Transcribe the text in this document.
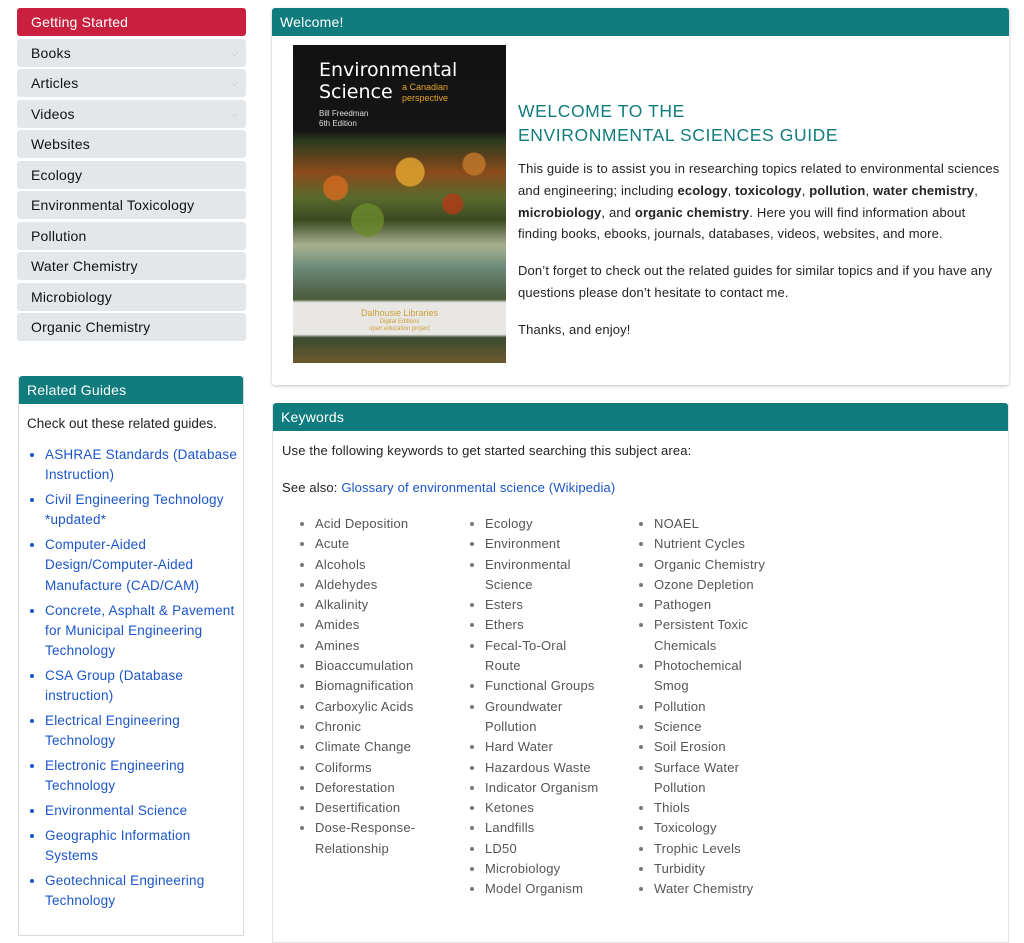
Getting Started
Books	⌵
Articles	⌵
Videos	⌵
Websites
Ecology
Environmental Toxicology
Pollution
Water Chemistry
Microbiology
Organic Chemistry
Related Guides
Check out these related guides.
• ASHRAE Standards (Database Instruction)
• Civil Engineering Technology *updated*
• Computer-Aided Design/Computer-Aided Manufacture (CAD/CAM)
• Concrete, Asphalt & Pavement for Municipal Engineering Technology
• CSA Group (Database instruction)
• Electrical Engineering Technology
• Electronic Engineering Technology
• Environmental Science
• Geographic Information Systems
• Geotechnical Engineering Technology
Welcome!
Environmental
Science	a Canadian
perspective
Bill Freedman
6th Edition
Dalhousie Libraries
Digital Editions
open education project
WELCOME TO THE
ENVIRONMENTAL SCIENCES GUIDE

This guide is to assist you in researching topics related to environmental sciences and engineering; including ecology, toxicology, pollution, water chemistry, microbiology, and organic chemistry. Here you will find information about finding books, ebooks, journals, databases, videos, websites, and more.

Don’t forget to check out the related guides for similar topics and if you have any questions please don’t hesitate to contact me.

Thanks, and enjoy!

Keywords
Use the following keywords to get started searching this subject area:
See also: Glossary of environmental science (Wikipedia)
• Acid Deposition
• Acute
• Alcohols
• Aldehydes
• Alkalinity
• Amides
• Amines
• Bioaccumulation
• Biomagnification
• Carboxylic Acids
• Chronic
• Climate Change
• Coliforms
• Deforestation
• Desertification
• Dose-Response-Relationship
• Ecology
• Environment
• Environmental Science
• Esters
• Ethers
• Fecal-To-Oral Route
• Functional Groups
• Groundwater Pollution
• Hard Water
• Hazardous Waste
• Indicator Organism
• Ketones
• Landfills
• LD50
• Microbiology
• Model Organism
• NOAEL
• Nutrient Cycles
• Organic Chemistry
• Ozone Depletion
• Pathogen
• Persistent Toxic Chemicals
• Photochemical Smog
• Pollution
• Science
• Soil Erosion
• Surface Water Pollution
• Thiols
• Toxicology
• Trophic Levels
• Turbidity
• Water Chemistry
